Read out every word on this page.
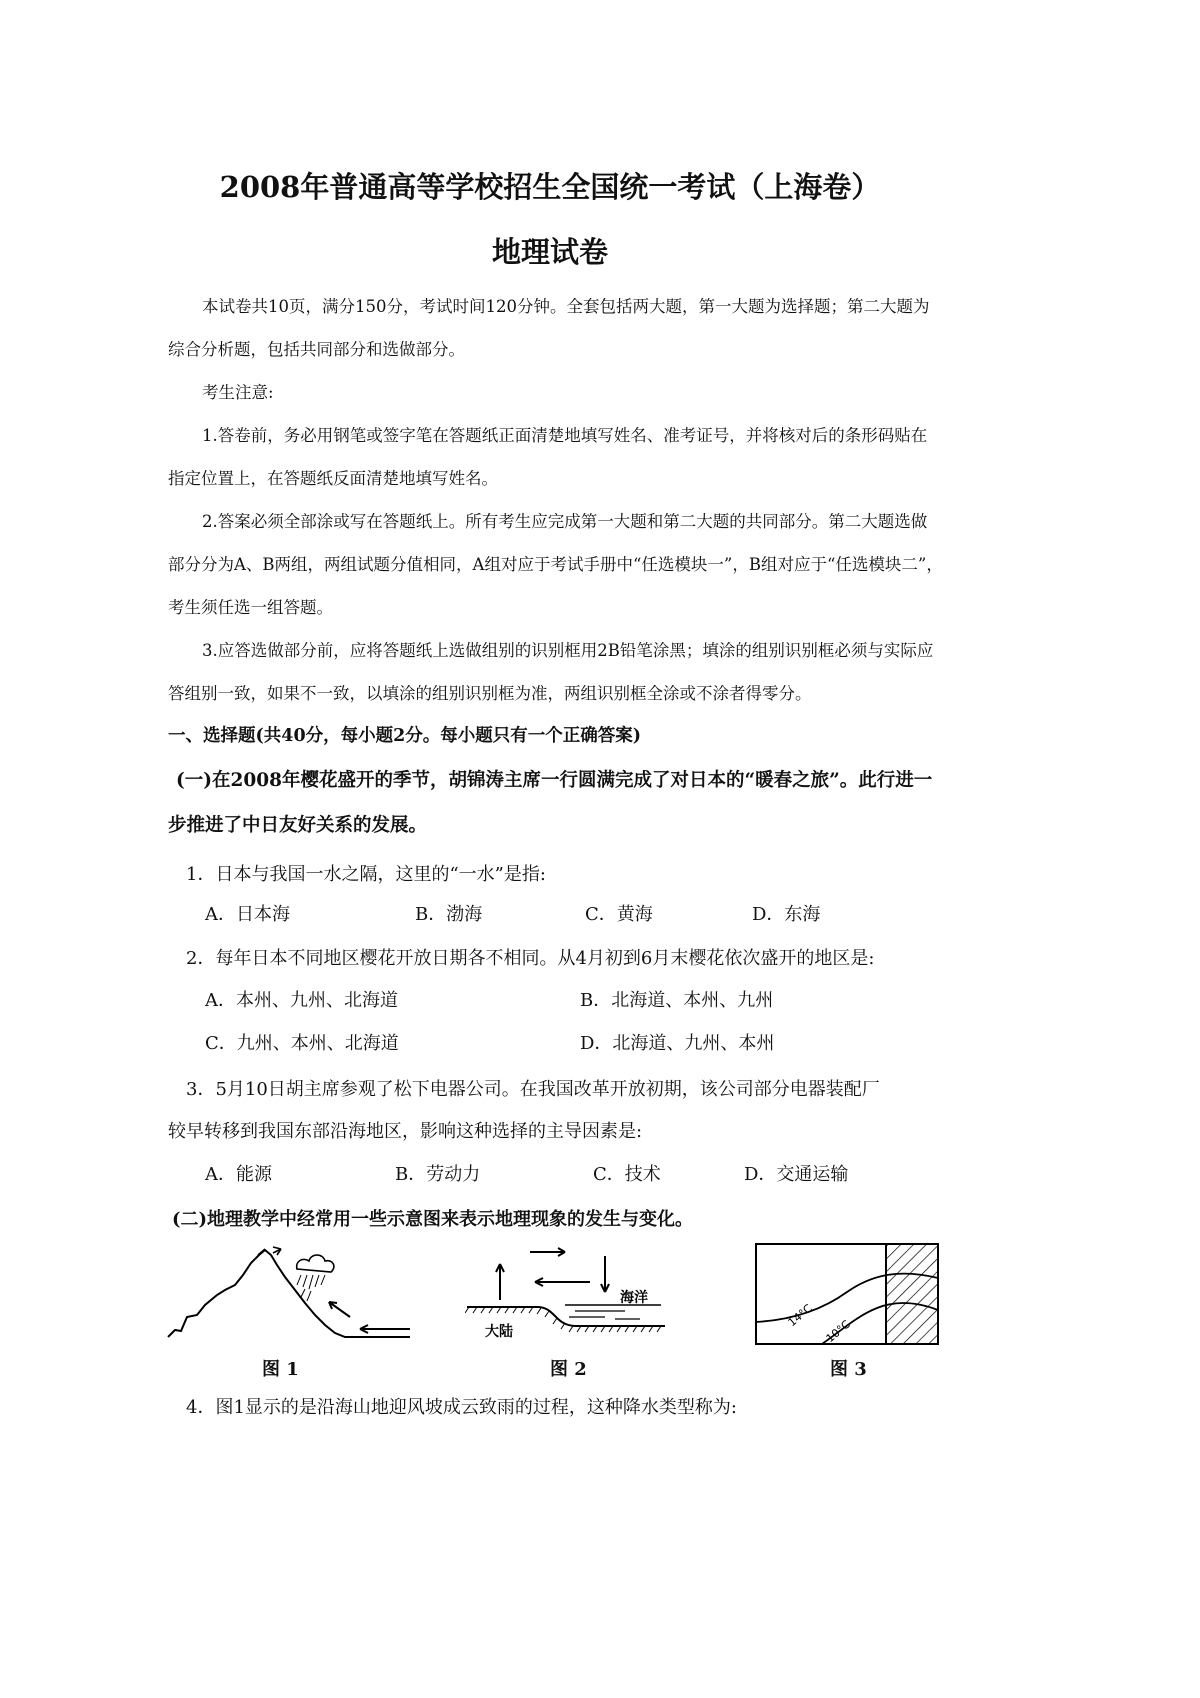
2008年普通高等学校招生全国统一考试（上海卷）
地理试卷

本试卷共10页，满分150分，考试时间120分钟。全套包括两大题，第一大题为选择题；第二大题为综合分析题，包括共同部分和选做部分。

考生注意:

1.答卷前，务必用钢笔或签字笔在答题纸正面清楚地填写姓名、准考证号，并将核对后的条形码贴在指定位置上，在答题纸反面清楚地填写姓名。

2.答案必须全部涂或写在答题纸上。所有考生应完成第一大题和第二大题的共同部分。第二大题选做部分分为A、B两组，两组试题分值相同，A组对应于考试手册中“任选模块一”，B组对应于“任选模块二”，考生须任选一组答题。

3.应答选做部分前，应将答题纸上选做组别的识别框用2B铅笔涂黑；填涂的组别识别框必须与实际应答组别一致，如果不一致，以填涂的组别识别框为准，两组识别框全涂或不涂者得零分。

一、选择题(共40分，每小题2分。每小题只有一个正确答案)

(一)在2008年樱花盛开的季节，胡锦涛主席一行圆满完成了对日本的“暖春之旅”。此行进一步推进了中日友好关系的发展。

1．日本与我国一水之隔，这里的“一水”是指:
A．日本海	B．渤海	C．黄海	D．东海
2．每年日本不同地区樱花开放日期各不相同。从4月初到6月末樱花依次盛开的地区是:
A．本州、九州、北海道	B．北海道、本州、九州
C．九州、本州、北海道	D．北海道、九州、本州
3．5月10日胡主席参观了松下电器公司。在我国改革开放初期，该公司部分电器装配厂
较早转移到我国东部沿海地区，影响这种选择的主导因素是:
A．能源	B．劳动力	C．技术	D．交通运输
(二)地理教学中经常用一些示意图来表示地理现象的发生与变化。
图 1
海洋
大陆
图 2
14°C
10°C
图 3
4．图1显示的是沿海山地迎风坡成云致雨的过程，这种降水类型称为:
